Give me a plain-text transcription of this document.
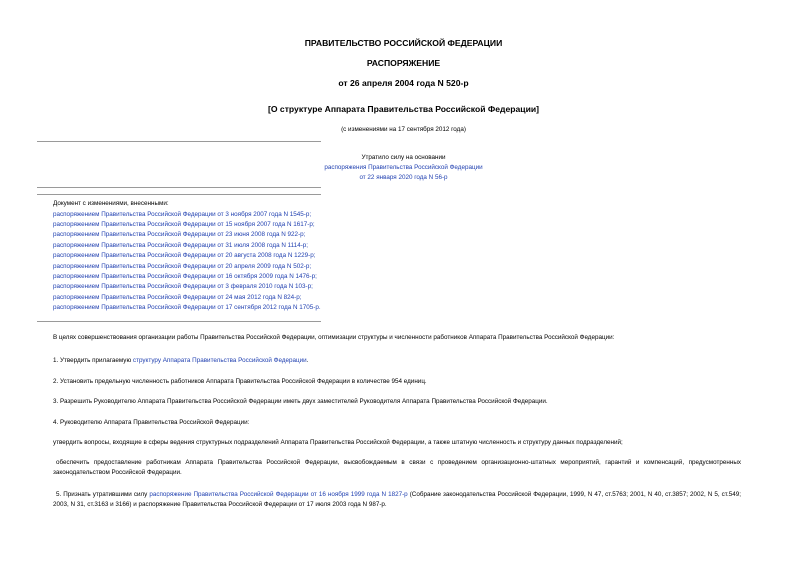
ПРАВИТЕЛЬСТВО РОССИЙСКОЙ ФЕДЕРАЦИИ
РАСПОРЯЖЕНИЕ
от 26 апреля 2004 года N 520-р
[О структуре Аппарата Правительства Российской Федерации]
(с изменениями на 17 сентября 2012 года)
Утратило силу на основании
распоряжения Правительства Российской Федерации
от 22 января 2020 года N 56-р
Документ с изменениями, внесенными:
распоряжением Правительства Российской Федерации от 3 ноября 2007 года N 1545-р;
распоряжением Правительства Российской Федерации от 15 ноября 2007 года N 1617-р;
распоряжением Правительства Российской Федерации от 23 июня 2008 года N 922-р;
распоряжением Правительства Российской Федерации от 31 июля 2008 года N 1114-р;
распоряжением Правительства Российской Федерации от 20 августа 2008 года N 1229-р;
распоряжением Правительства Российской Федерации от 20 апреля 2009 года N 502-р;
распоряжением Правительства Российской Федерации от 16 октября 2009 года N 1476-р;
распоряжением Правительства Российской Федерации от 3 февраля 2010 года N 103-р;
распоряжением Правительства Российской Федерации от 24 мая 2012 года N 824-р;
распоряжением Правительства Российской Федерации от 17 сентября 2012 года N 1705-р.
В целях совершенствования организации работы Правительства Российской Федерации, оптимизации структуры и численности работников Аппарата Правительства Российской Федерации:
1. Утвердить прилагаемую структуру Аппарата Правительства Российской Федерации.
2. Установить предельную численность работников Аппарата Правительства Российской Федерации в количестве 954 единиц.
3. Разрешить Руководителю Аппарата Правительства Российской Федерации иметь двух заместителей Руководителя Аппарата Правительства Российской Федерации.
4. Руководителю Аппарата Правительства Российской Федерации:
утвердить вопросы, входящие в сферы ведения структурных подразделений Аппарата Правительства Российской Федерации, а также штатную численность и структуру данных подразделений;
обеспечить предоставление работникам Аппарата Правительства Российской Федерации, высвобождаемым в связи с проведением организационно-штатных мероприятий, гарантий и компенсаций, предусмотренных законодательством Российской Федерации.
5. Признать утратившими силу распоряжение Правительства Российской Федерации от 16 ноября 1999 года N 1827-р (Собрание законодательства Российской Федерации, 1999, N 47, ст.5763; 2001, N 40, ст.3857; 2002, N 5, ст.549; 2003, N 31, ст.3163 и 3166) и распоряжение Правительства Российской Федерации от 17 июля 2003 года N 987-р.
